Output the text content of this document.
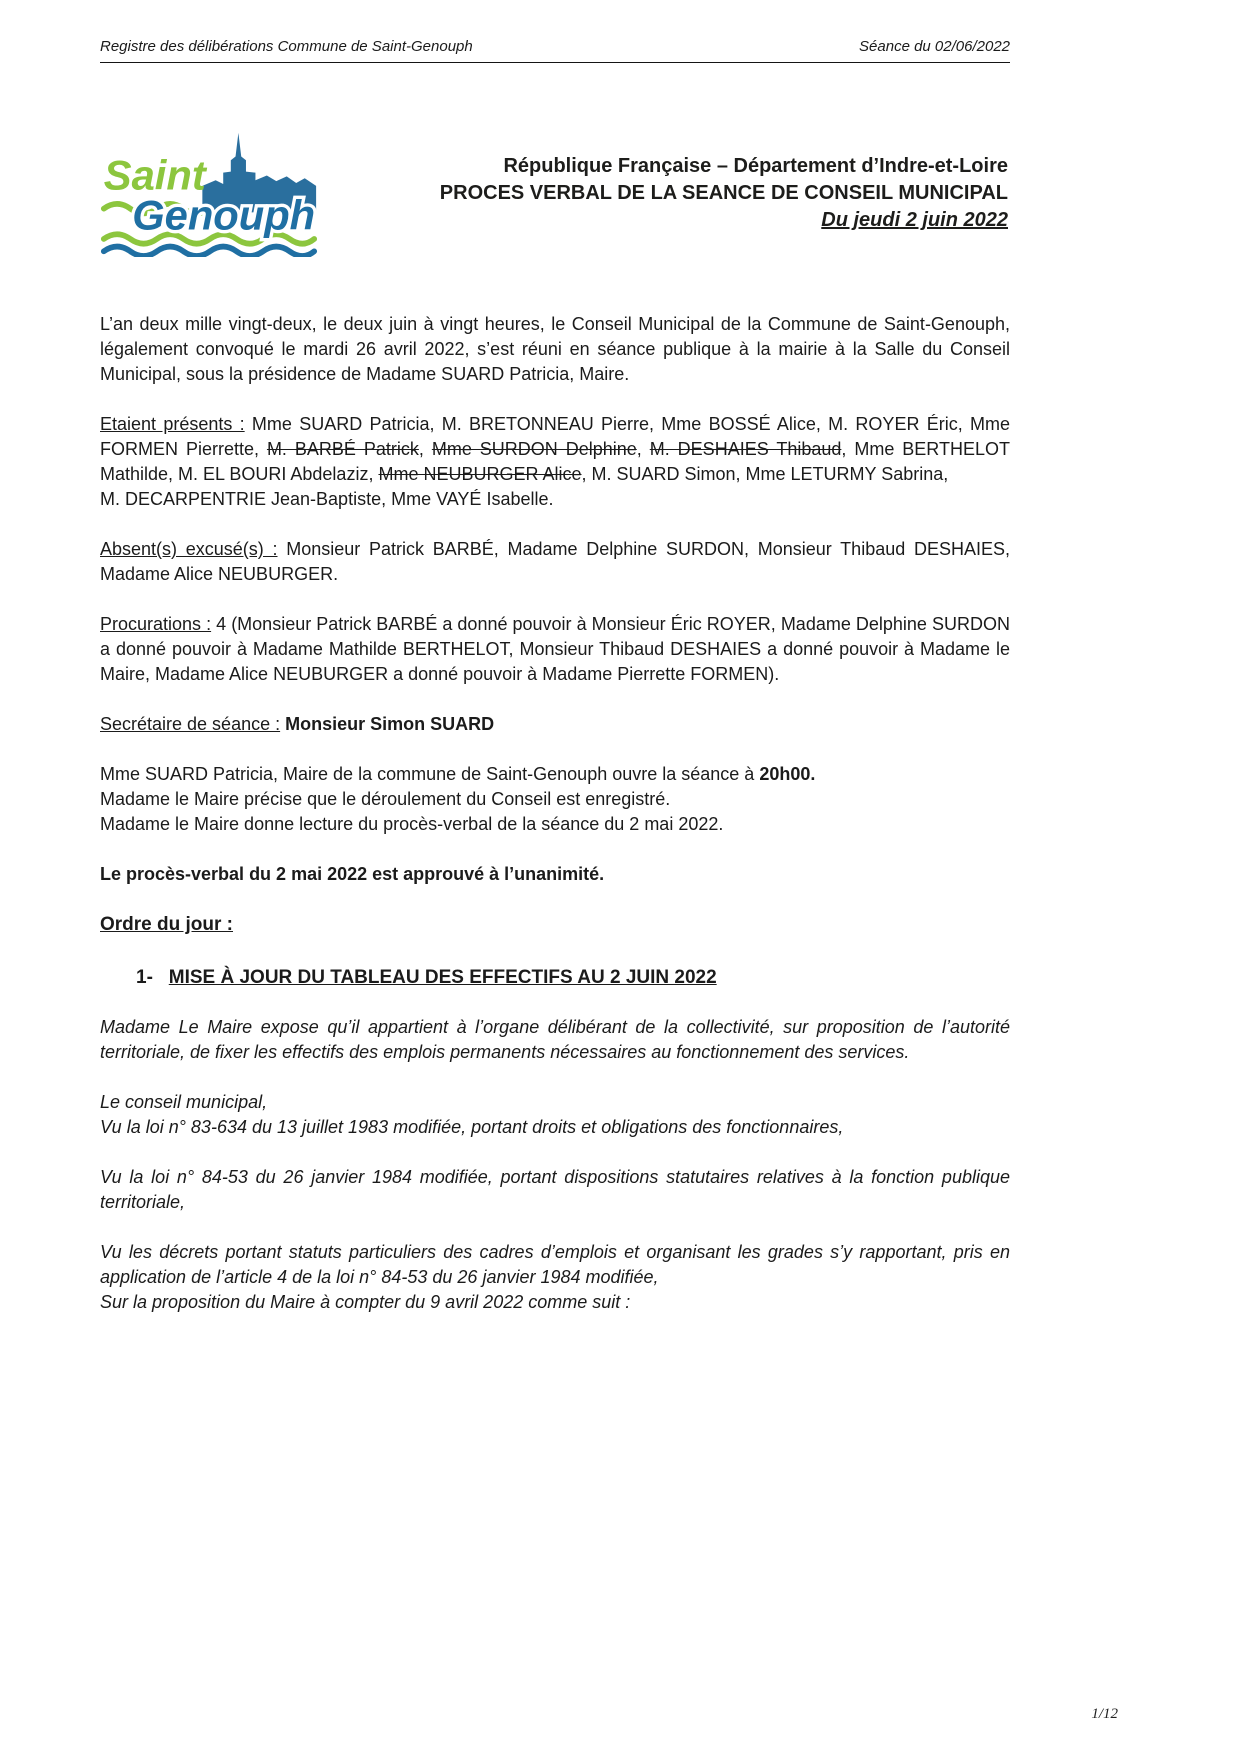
Registre des délibérations Commune de Saint-Genouph	Séance du 02/06/2022
Saint
Genouph
République Française – Département d’Indre-et-Loire
PROCES VERBAL DE LA SEANCE DE CONSEIL MUNICIPAL
Du jeudi 2 juin 2022

L’an deux mille vingt-deux, le deux juin à vingt heures, le Conseil Municipal de la Commune de Saint-Genouph, légalement convoqué le mardi 26 avril 2022, s’est réuni en séance publique à la mairie à la Salle du Conseil Municipal, sous la présidence de Madame SUARD Patricia, Maire.

Etaient présents : Mme SUARD Patricia, M. BRETONNEAU Pierre, Mme BOSSÉ Alice, M. ROYER Éric, Mme FORMEN Pierrette, M. BARBÉ Patrick, Mme SURDON Delphine, M. DESHAIES Thibaud, Mme BERTHELOT Mathilde, M. EL BOURI Abdelaziz, Mme NEUBURGER Alice, M. SUARD Simon, Mme LETURMY Sabrina,
M. DECARPENTRIE Jean-Baptiste, Mme VAYÉ Isabelle.

Absent(s) excusé(s) : Monsieur Patrick BARBÉ, Madame Delphine SURDON, Monsieur Thibaud DESHAIES, Madame Alice NEUBURGER.

Procurations : 4 (Monsieur Patrick BARBÉ a donné pouvoir à Monsieur Éric ROYER, Madame Delphine SURDON a donné pouvoir à Madame Mathilde BERTHELOT, Monsieur Thibaud DESHAIES a donné pouvoir à Madame le Maire, Madame Alice NEUBURGER a donné pouvoir à Madame Pierrette FORMEN).

Secrétaire de séance : Monsieur Simon SUARD

Mme SUARD Patricia, Maire de la commune de Saint-Genouph ouvre la séance à 20h00.
Madame le Maire précise que le déroulement du Conseil est enregistré.
Madame le Maire donne lecture du procès-verbal de la séance du 2 mai 2022.

Le procès-verbal du 2 mai 2022 est approuvé à l’unanimité.

Ordre du jour :

1- MISE À JOUR DU TABLEAU DES EFFECTIFS AU 2 JUIN 2022

Madame Le Maire expose qu’il appartient à l’organe délibérant de la collectivité, sur proposition de l’autorité territoriale, de fixer les effectifs des emplois permanents nécessaires au fonctionnement des services.

Le conseil municipal,
Vu la loi n° 83-634 du 13 juillet 1983 modifiée, portant droits et obligations des fonctionnaires,

Vu la loi n° 84-53 du 26 janvier 1984 modifiée, portant dispositions statutaires relatives à la fonction publique territoriale,

Vu les décrets portant statuts particuliers des cadres d’emplois et organisant les grades s’y rapportant, pris en application de l’article 4 de la loi n° 84-53 du 26 janvier 1984 modifiée,
Sur la proposition du Maire à compter du 9 avril 2022 comme suit :

1/12
